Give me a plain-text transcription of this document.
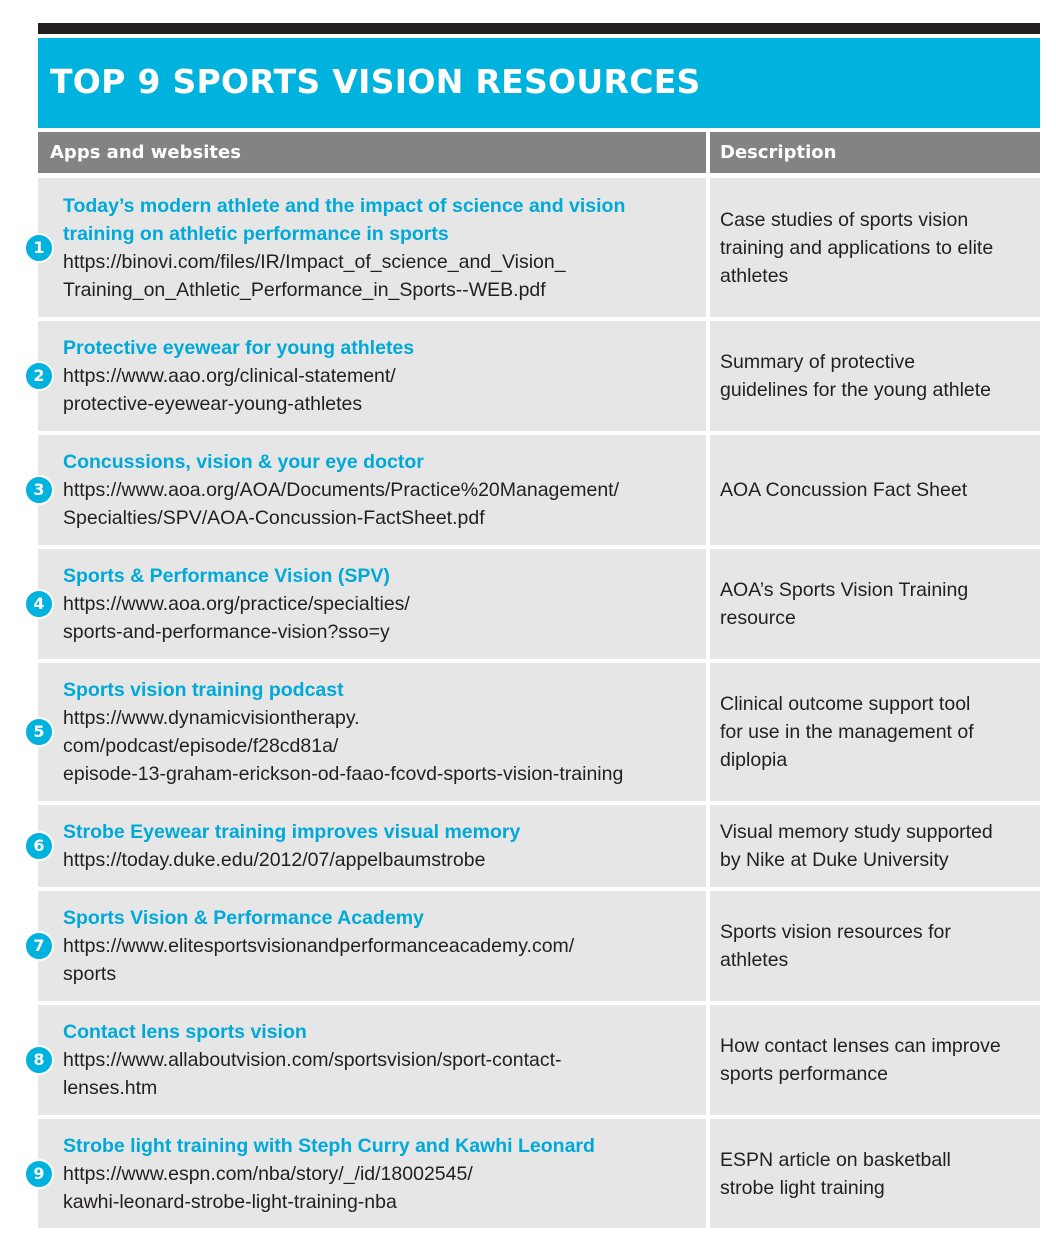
TOP 9 SPORTS VISION RESOURCES
Apps and websites	Description
Today’s modern athlete and the impact of science and vision
training on athletic performance in sports
https://binovi.com/files/IR/Impact_of_science_and_Vision_
Training_on_Athletic_Performance_in_Sports--WEB.pdf
Case studies of sports vision
training and applications to elite
athletes
1
Protective eyewear for young athletes
https://www.aao.org/clinical-statement/
protective-eyewear-young-athletes
Summary of protective
guidelines for the young athlete
2
Concussions, vision & your eye doctor
https://www.aoa.org/AOA/Documents/Practice%20Management/
Specialties/SPV/AOA-Concussion-FactSheet.pdf
AOA Concussion Fact Sheet
3
Sports & Performance Vision (SPV)
https://www.aoa.org/practice/specialties/
sports-and-performance-vision?sso=y
AOA’s Sports Vision Training
resource
4
Sports vision training podcast
https://www.dynamicvisiontherapy.
com/podcast/episode/f28cd81a/
episode-13-graham-erickson-od-faao-fcovd-sports-vision-training
Clinical outcome support tool
for use in the management of
diplopia
5
Strobe Eyewear training improves visual memory
https://today.duke.edu/2012/07/appelbaumstrobe
Visual memory study supported
by Nike at Duke University
6
Sports Vision & Performance Academy
https://www.elitesportsvisionandperformanceacademy.com/
sports
Sports vision resources for
athletes
7
Contact lens sports vision
https://www.allaboutvision.com/sportsvision/sport-contact-
lenses.htm
How contact lenses can improve
sports performance
8
Strobe light training with Steph Curry and Kawhi Leonard
https://www.espn.com/nba/story/_/id/18002545/
kawhi-leonard-strobe-light-training-nba
ESPN article on basketball
strobe light training
9
